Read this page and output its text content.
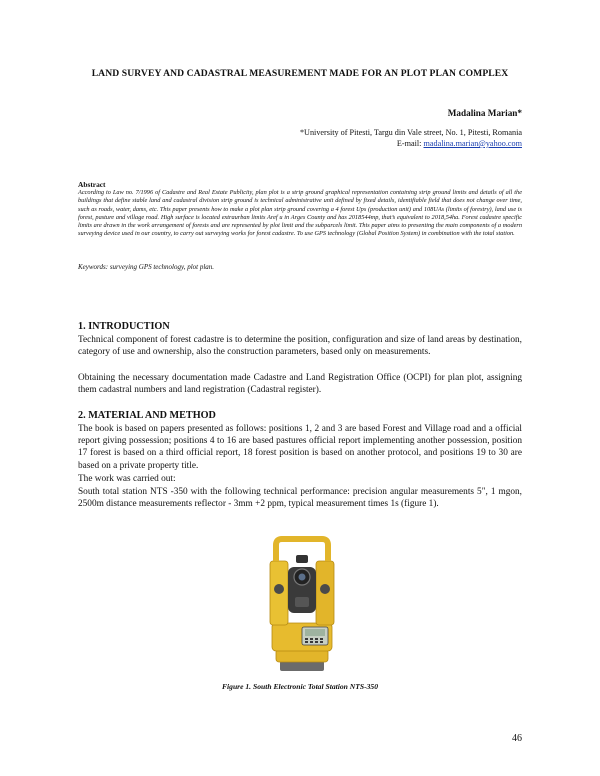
LAND SURVEY AND CADASTRAL MEASUREMENT MADE FOR AN PLOT PLAN COMPLEX
Madalina Marian*
*University of Pitesti, Targu din Vale street, No. 1, Pitesti, Romania
E-mail: madalina.marian@yahoo.com
Abstract
According to Law no. 7/1996 of Cadastre and Real Estate Publicity, plan plot is a strip ground graphical representation containing strip ground limits and details of all the buildings that define stable land and cadastral division strip ground is technical administrative unit defined by fixed details, identifiable field that does not change over time, such as roads, water, dams, etc. This paper presents how to make a plot plan strip ground covering a 4 forest Ups (production unit) and 108UAs (limits of forestry), land use is forest, pasture and village road. High surface is located extraurban limits Aref u in Arges County and has 2018544mp, that’s equivalent to 2018,54ha. Forest cadastre specific limits are drawn in the work arrangement of forests and are represented by plot limit and the subparcels limit. This paper aims to presenting the main components of a modern surveying device used in our country, to carry out surveying works for forest cadastre. To use GPS technology (Global Position System) in combination with the total station.
Keywords: surveying GPS technology, plot plan.
1. INTRODUCTION

Technical component of forest cadastre is to determine the position, configuration and size of land areas by destination, category of use and ownership, also the construction parameters, based only on measurements.

Obtaining the necessary documentation made Cadastre and Land Registration Office (OCPI) for plan plot, assigning them cadastral numbers and land registration (Cadastral register).

2. MATERIAL AND METHOD

The book is based on papers presented as follows: positions 1, 2 and 3 are based Forest and Village road and a official report giving possession; positions 4 to 16 are based pastures official report implementing another possession, position 17 forest is based on a third official report, 18 forest position is based on another protocol, and positions 19 to 30 are based on a private property title.

The work was carried out:

South total station NTS -350 with the following technical performance: precision angular measurements 5", 1 mgon, 2500m distance measurements reflector - 3mm +2 ppm, typical measurement times 1s (figure 1).

Figure 1. South Electronic Total Station NTS-350
46
